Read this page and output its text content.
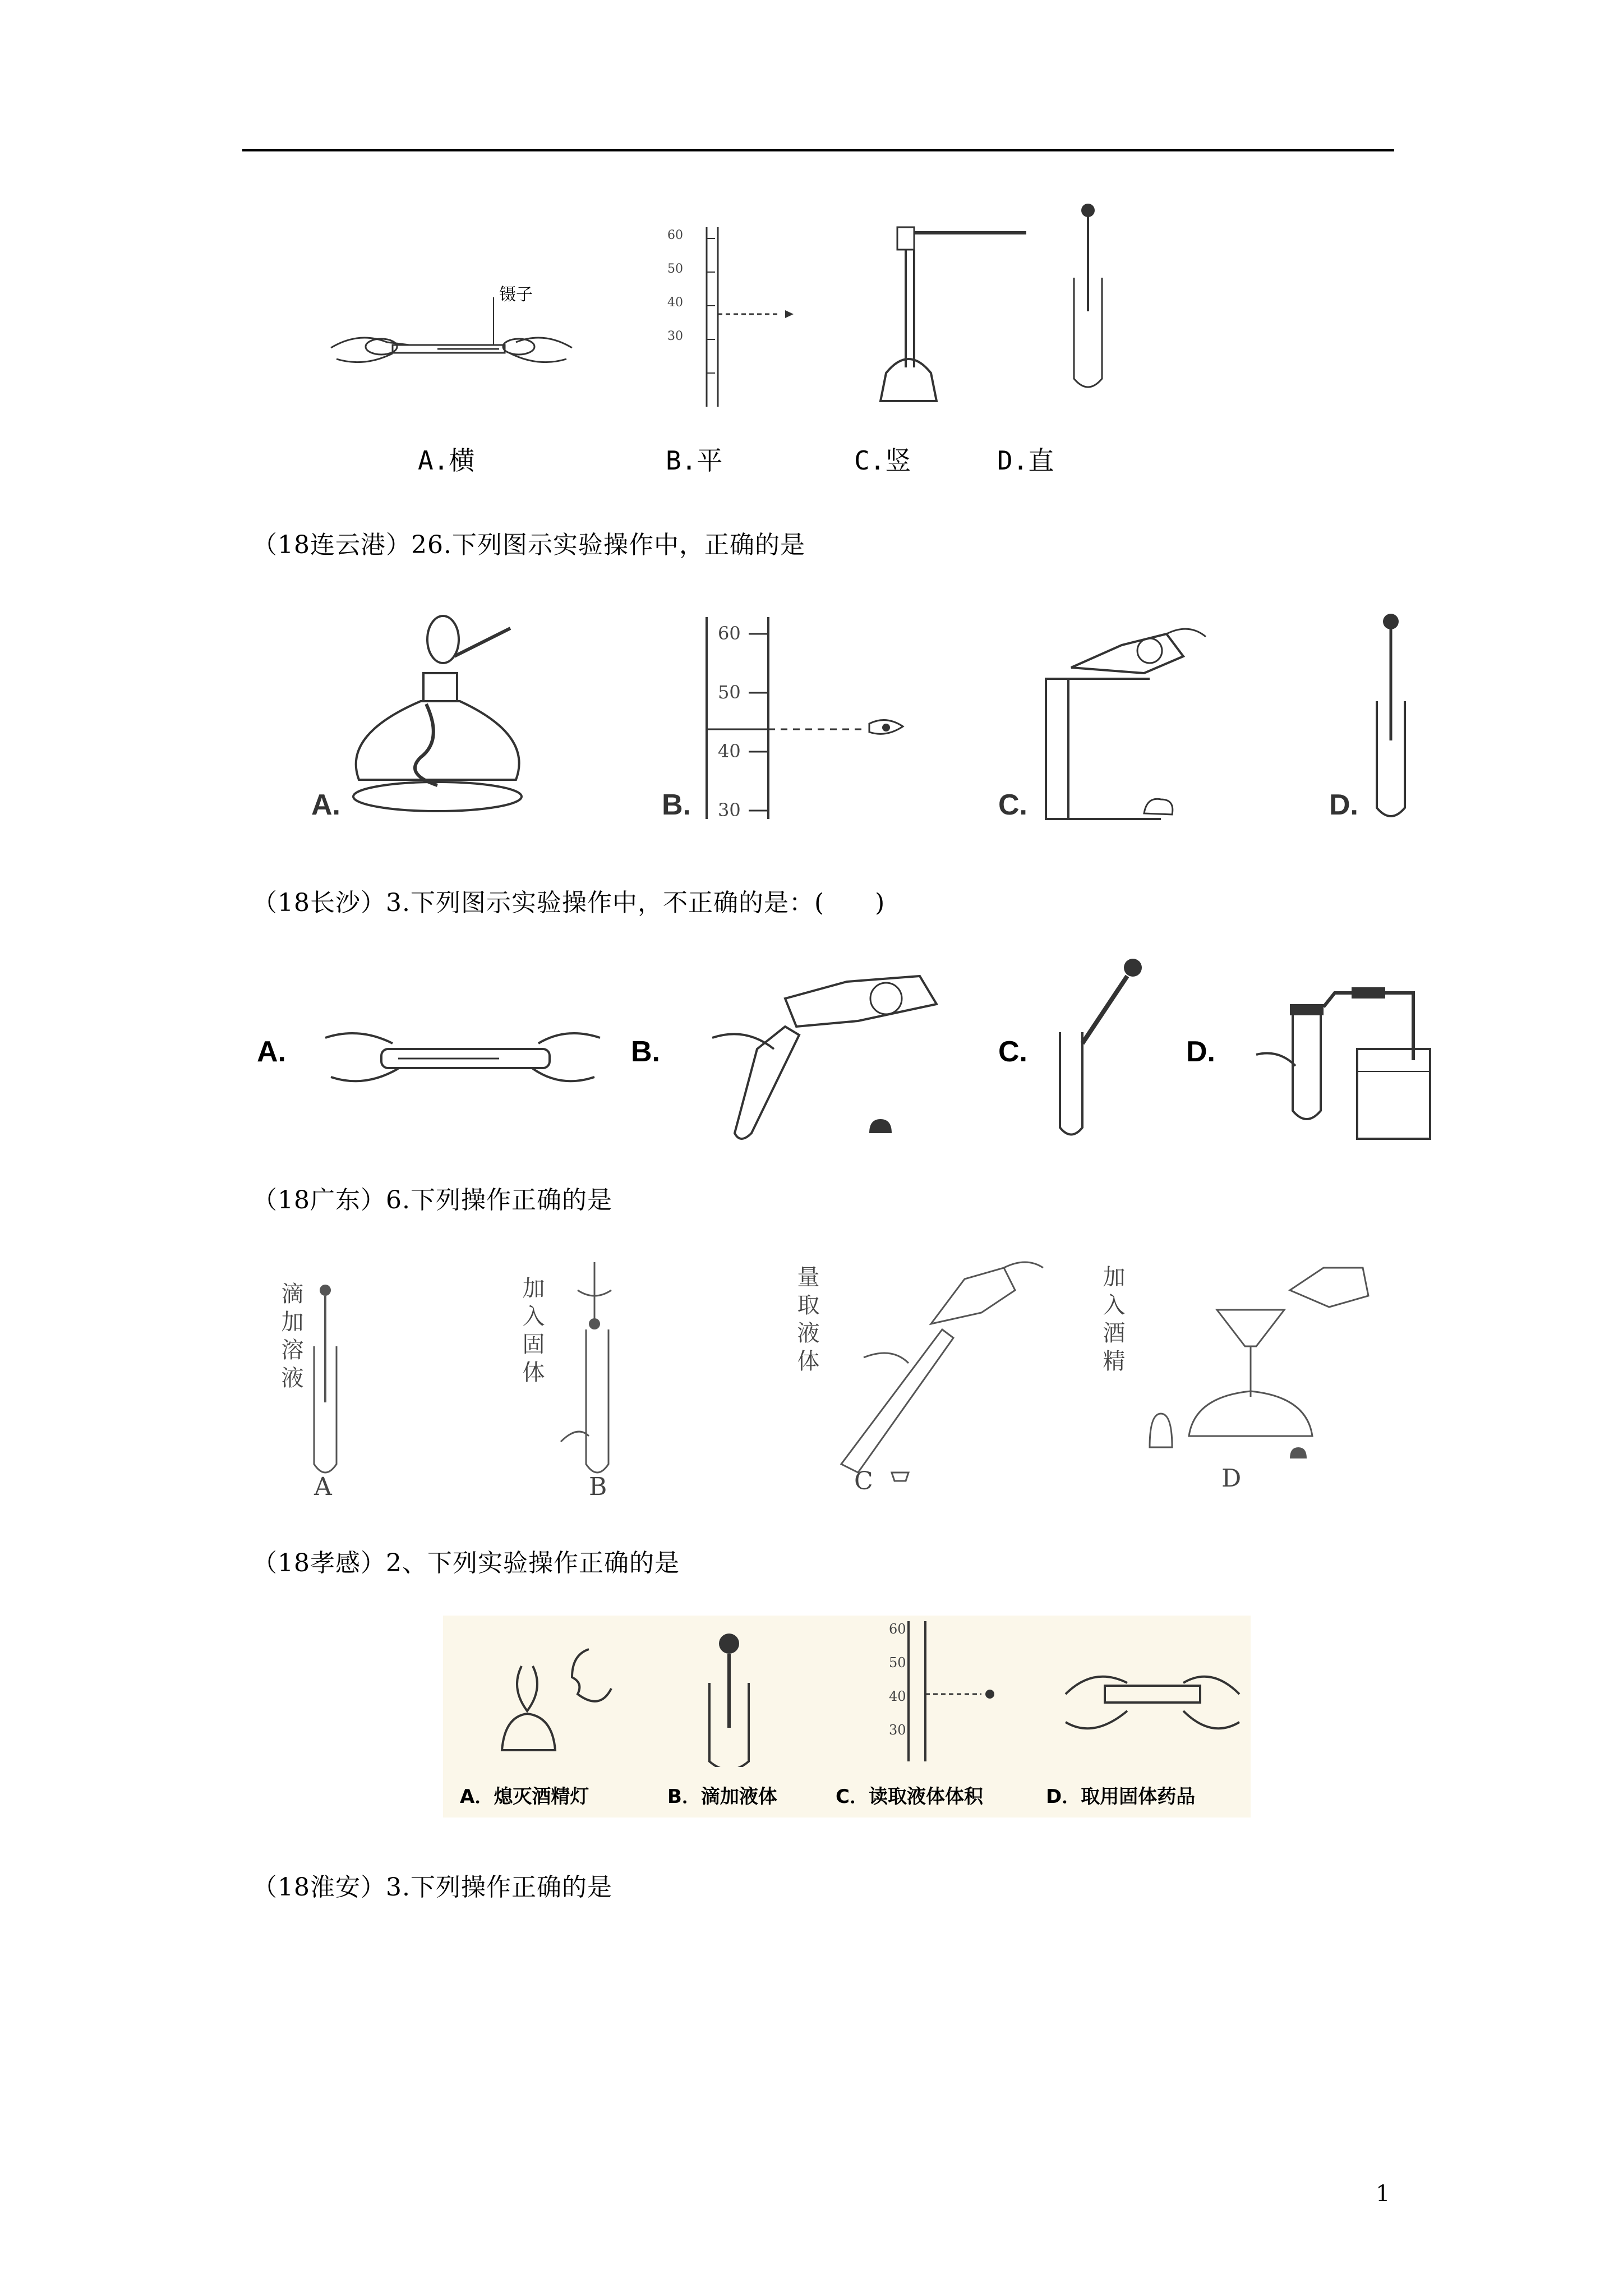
镊子
60
50
40
30
A.横	B.平	C.竖	D.直
（18连云港）26.下列图示实验操作中，正确的是
A.
60
50
40
30
B.	C.	D.
（18长沙）3.下列图示实验操作中，不正确的是：(　　)
A.	B.	C.	D.
（18广东）6.下列操作正确的是
滴加溶液
A
加入固体
B
量取液体
C
加入酒精
D
（18孝感）2、下列实验操作正确的是
60
50
40
30
A．熄灭酒精灯	B．滴加液体	C．读取液体体积	D．取用固体药品
（18淮安）3.下列操作正确的是
1
